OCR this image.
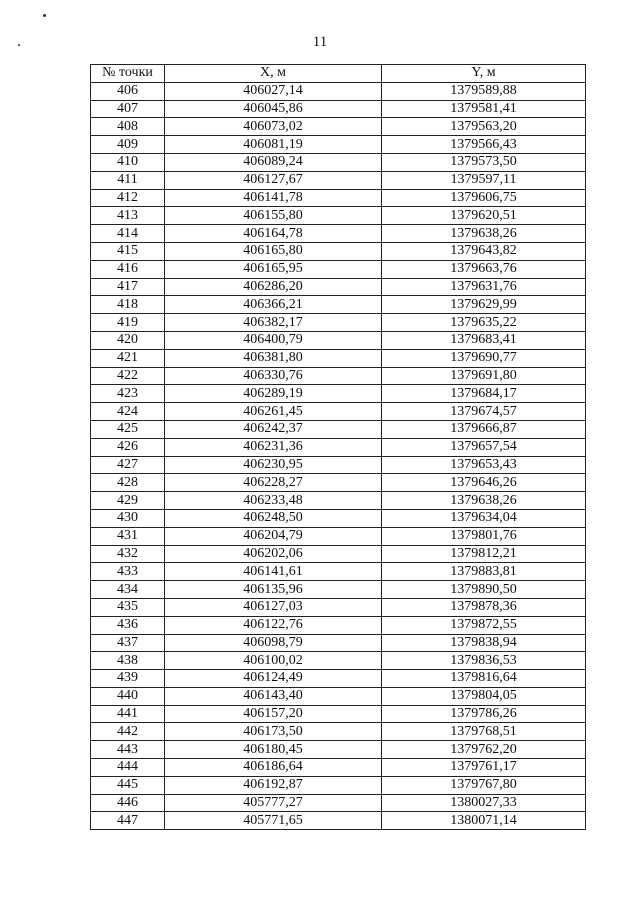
11
№ точки	X, м	Y, м
406	406027,14	1379589,88
407	406045,86	1379581,41
408	406073,02	1379563,20
409	406081,19	1379566,43
410	406089,24	1379573,50
411	406127,67	1379597,11
412	406141,78	1379606,75
413	406155,80	1379620,51
414	406164,78	1379638,26
415	406165,80	1379643,82
416	406165,95	1379663,76
417	406286,20	1379631,76
418	406366,21	1379629,99
419	406382,17	1379635,22
420	406400,79	1379683,41
421	406381,80	1379690,77
422	406330,76	1379691,80
423	406289,19	1379684,17
424	406261,45	1379674,57
425	406242,37	1379666,87
426	406231,36	1379657,54
427	406230,95	1379653,43
428	406228,27	1379646,26
429	406233,48	1379638,26
430	406248,50	1379634,04
431	406204,79	1379801,76
432	406202,06	1379812,21
433	406141,61	1379883,81
434	406135,96	1379890,50
435	406127,03	1379878,36
436	406122,76	1379872,55
437	406098,79	1379838,94
438	406100,02	1379836,53
439	406124,49	1379816,64
440	406143,40	1379804,05
441	406157,20	1379786,26
442	406173,50	1379768,51
443	406180,45	1379762,20
444	406186,64	1379761,17
445	406192,87	1379767,80
446	405777,27	1380027,33
447	405771,65	1380071,14
